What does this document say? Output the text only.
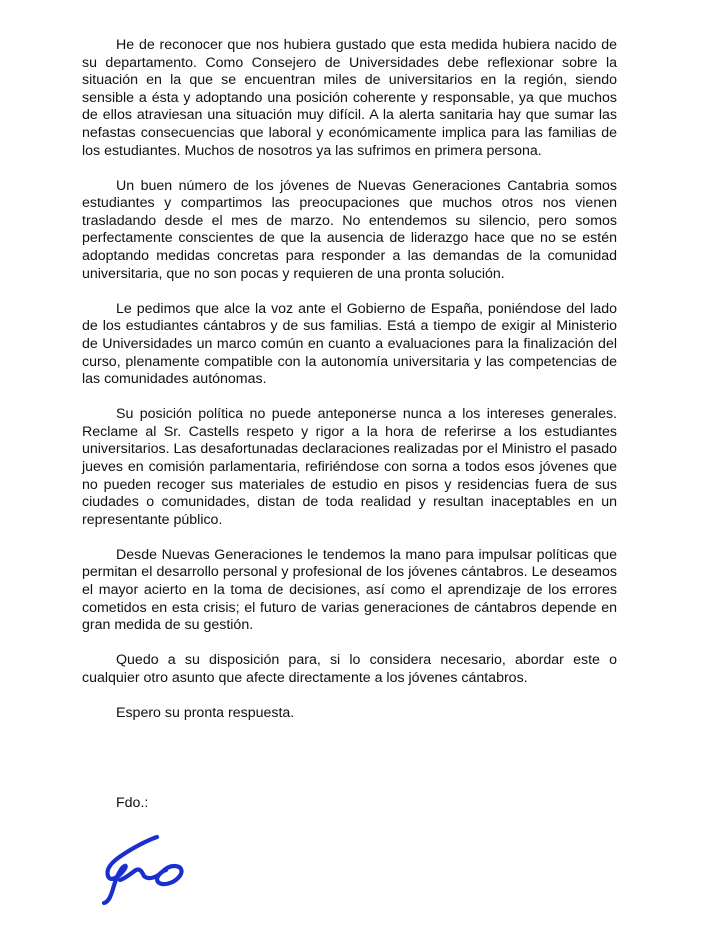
He de reconocer que nos hubiera gustado que esta medida hubiera nacido de su departamento. Como Consejero de Universidades debe reflexionar sobre la situación en la que se encuentran miles de universitarios en la región, siendo sensible a ésta y adoptando una posición coherente y responsable, ya que muchos de ellos atraviesan una situación muy difícil. A la alerta sanitaria hay que sumar las nefastas consecuencias que laboral y económicamente implica para las familias de los estudiantes. Muchos de nosotros ya las sufrimos en primera persona.

Un buen número de los jóvenes de Nuevas Generaciones Cantabria somos estudiantes y compartimos las preocupaciones que muchos otros nos vienen trasladando desde el mes de marzo. No entendemos su silencio, pero somos perfectamente conscientes de que la ausencia de liderazgo hace que no se estén adoptando medidas concretas para responder a las demandas de la comunidad universitaria, que no son pocas y requieren de una pronta solución.

Le pedimos que alce la voz ante el Gobierno de España, poniéndose del lado de los estudiantes cántabros y de sus familias. Está a tiempo de exigir al Ministerio de Universidades un marco común en cuanto a evaluaciones para la finalización del curso, plenamente compatible con la autonomía universitaria y las competencias de las comunidades autónomas.

Su posición política no puede anteponerse nunca a los intereses generales. Reclame al Sr. Castells respeto y rigor a la hora de referirse a los estudiantes universitarios. Las desafortunadas declaraciones realizadas por el Ministro el pasado jueves en comisión parlamentaria, refiriéndose con sorna a todos esos jóvenes que no pueden recoger sus materiales de estudio en pisos y residencias fuera de sus ciudades o comunidades, distan de toda realidad y resultan inaceptables en un representante público.

Desde Nuevas Generaciones le tendemos la mano para impulsar políticas que permitan el desarrollo personal y profesional de los jóvenes cántabros. Le deseamos el mayor acierto en la toma de decisiones, así como el aprendizaje de los errores cometidos en esta crisis; el futuro de varias generaciones de cántabros depende en gran medida de su gestión.

Quedo a su disposición para, si lo considera necesario, abordar este o cualquier otro asunto que afecte directamente a los jóvenes cántabros.

Espero su pronta respuesta.

Fdo.:
